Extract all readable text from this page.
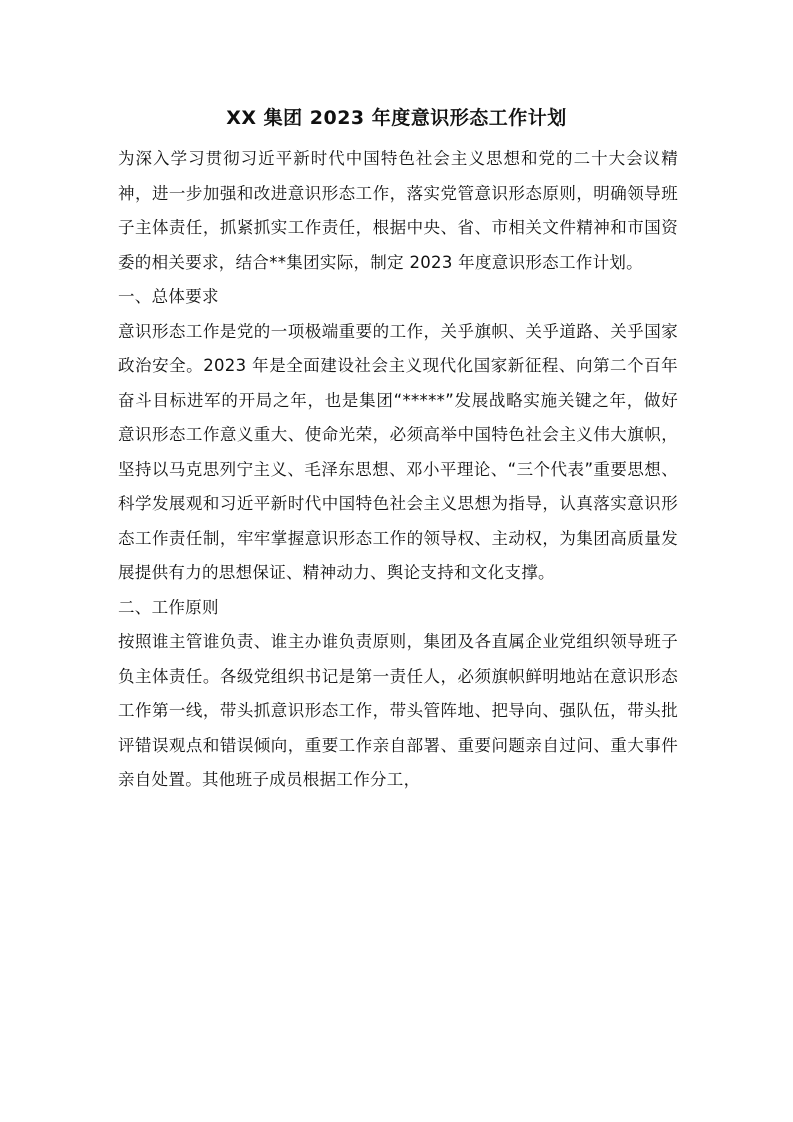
XX 集团 2023 年度意识形态工作计划

为深入学习贯彻习近平新时代中国特色社会主义思想和党的二十大会议精神，进一步加强和改进意识形态工作，落实党管意识形态原则，明确领导班子主体责任，抓紧抓实工作责任，根据中央、省、市相关文件精神和市国资委的相关要求，结合**集团实际，制定 2023 年度意识形态工作计划。

一、总体要求

意识形态工作是党的一项极端重要的工作，关乎旗帜、关乎道路、关乎国家政治安全。2023 年是全面建设社会主义现代化国家新征程、向第二个百年奋斗目标进军的开局之年，也是集团“*****”发展战略实施关键之年，做好意识形态工作意义重大、使命光荣，必须高举中国特色社会主义伟大旗帜，坚持以马克思列宁主义、毛泽东思想、邓小平理论、“三个代表”重要思想、科学发展观和习近平新时代中国特色社会主义思想为指导，认真落实意识形态工作责任制，牢牢掌握意识形态工作的领导权、主动权，为集团高质量发展提供有力的思想保证、精神动力、舆论支持和文化支撑。

二、工作原则

按照谁主管谁负责、谁主办谁负责原则，集团及各直属企业党组织领导班子负主体责任。各级党组织书记是第一责任人，必须旗帜鲜明地站在意识形态工作第一线，带头抓意识形态工作，带头管阵地、把导向、强队伍，带头批评错误观点和错误倾向，重要工作亲自部署、重要问题亲自过问、重大事件亲自处置。其他班子成员根据工作分工，
